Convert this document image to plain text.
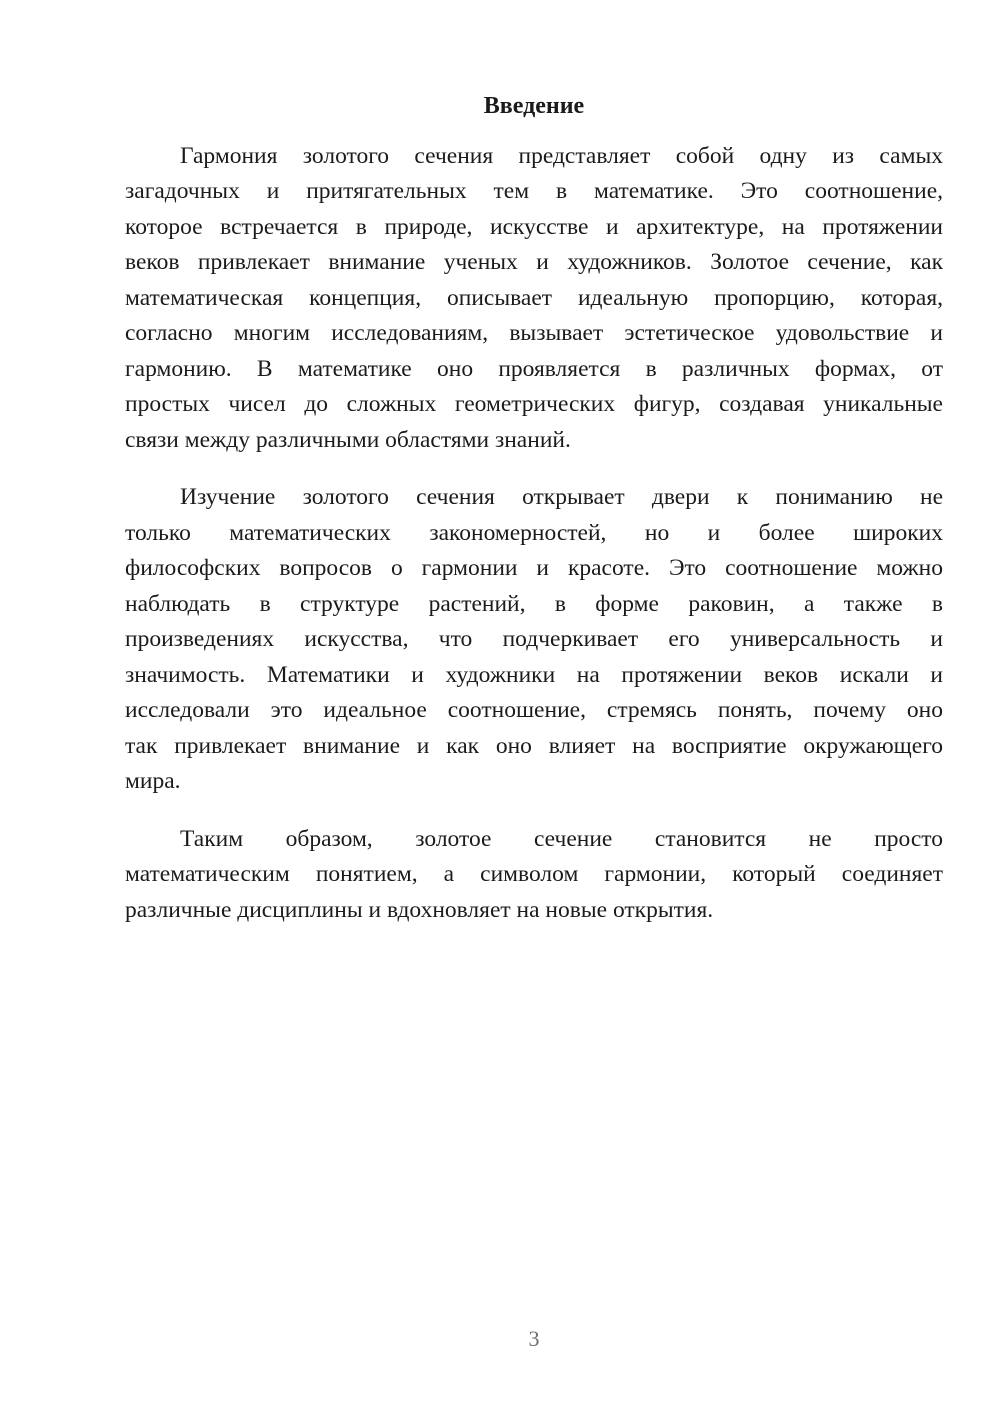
Введение
Гармония золотого сечения представляет собой одну из самых
загадочных и притягательных тем в математике. Это соотношение,
которое встречается в природе, искусстве и архитектуре, на протяжении
веков привлекает внимание ученых и художников. Золотое сечение, как
математическая концепция, описывает идеальную пропорцию, которая,
согласно многим исследованиям, вызывает эстетическое удовольствие и
гармонию. В математике оно проявляется в различных формах, от
простых чисел до сложных геометрических фигур, создавая уникальные
связи между различными областями знаний.
Изучение золотого сечения открывает двери к пониманию не
только математических закономерностей, но и более широких
философских вопросов о гармонии и красоте. Это соотношение можно
наблюдать в структуре растений, в форме раковин, а также в
произведениях искусства, что подчеркивает его универсальность и
значимость. Математики и художники на протяжении веков искали и
исследовали это идеальное соотношение, стремясь понять, почему оно
так привлекает внимание и как оно влияет на восприятие окружающего
мира.
Таким образом, золотое сечение становится не просто
математическим понятием, а символом гармонии, который соединяет
различные дисциплины и вдохновляет на новые открытия.
3
